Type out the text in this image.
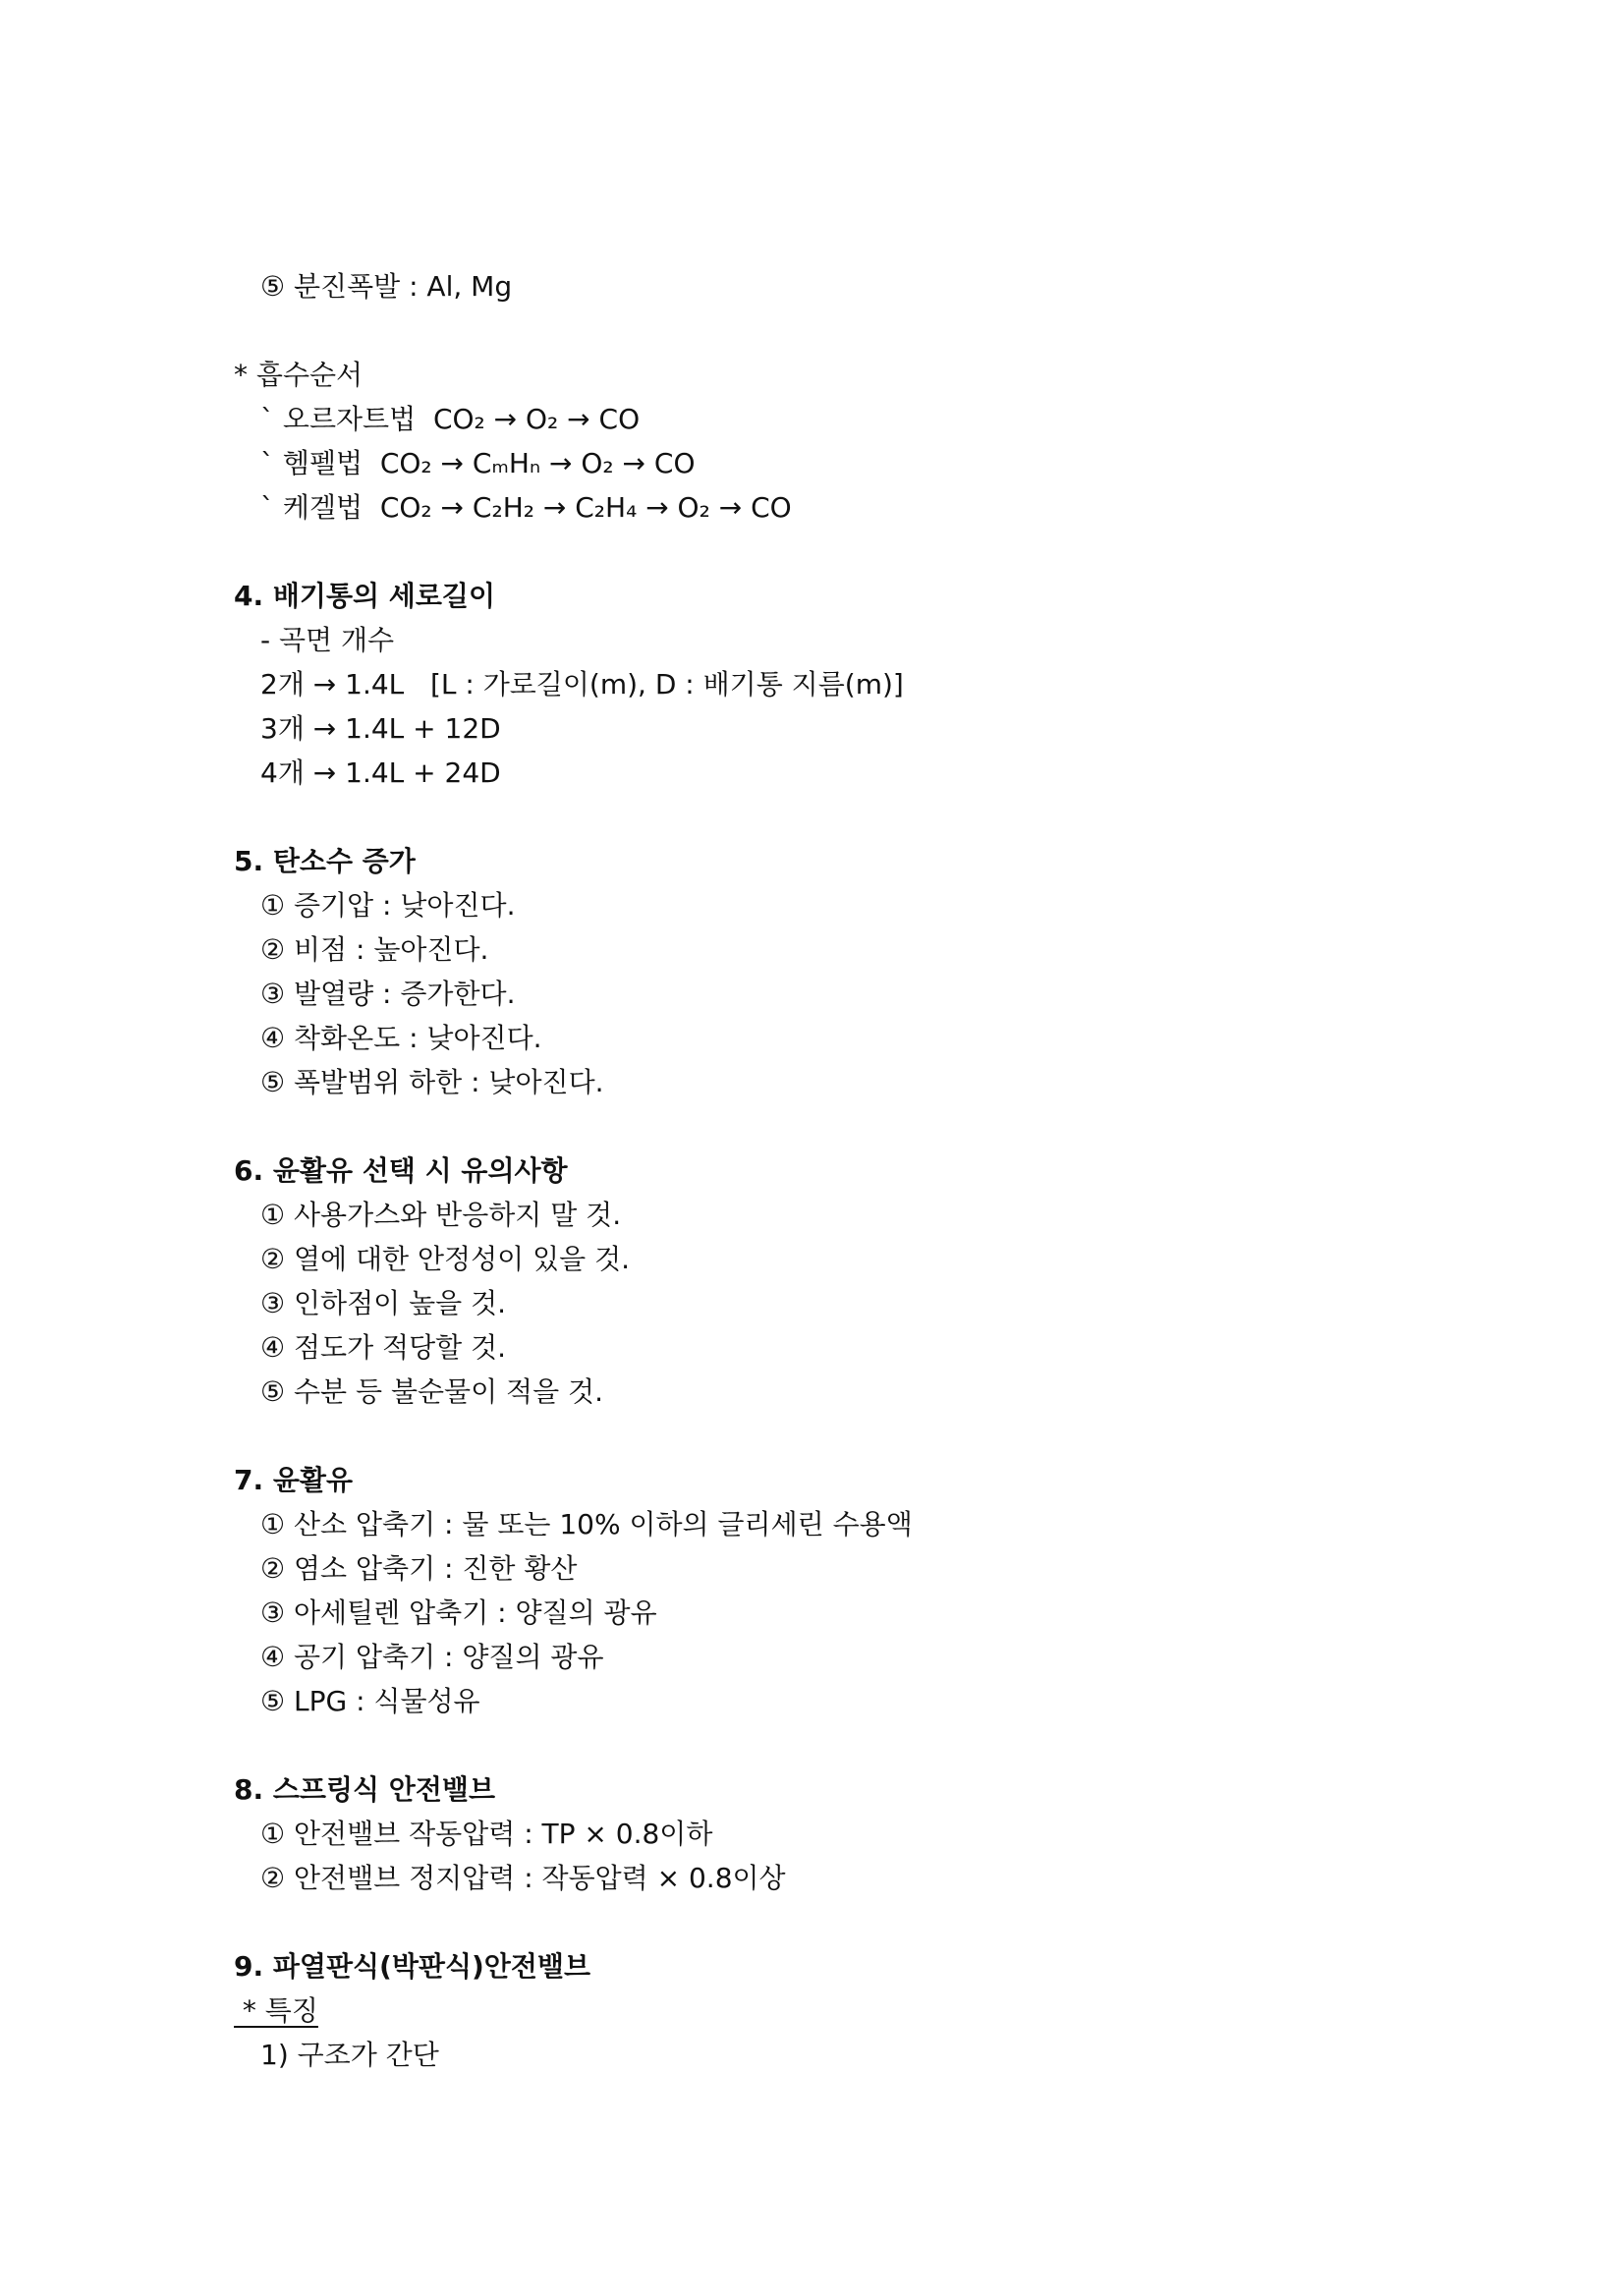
⑤ 분진폭발 : Al, Mg
* 흡수순서
` 오르자트법  CO₂ → O₂ → CO
` 헴펠법  CO₂ → CₘHₙ → O₂ → CO
` 케겔법  CO₂ → C₂H₂ → C₂H₄ → O₂ → CO
4. 배기통의 세로길이
- 곡면 개수
2개 → 1.4L   [L : 가로길이(m), D : 배기통 지름(m)]
3개 → 1.4L + 12D
4개 → 1.4L + 24D
5. 탄소수 증가
① 증기압 : 낮아진다.
② 비점 : 높아진다.
③ 발열량 : 증가한다.
④ 착화온도 : 낮아진다.
⑤ 폭발범위 하한 : 낮아진다.
6. 윤활유 선택 시 유의사항
① 사용가스와 반응하지 말 것.
② 열에 대한 안정성이 있을 것.
③ 인하점이 높을 것.
④ 점도가 적당할 것.
⑤ 수분 등 불순물이 적을 것.
7. 윤활유
① 산소 압축기 : 물 또는 10% 이하의 글리세린 수용액
② 염소 압축기 : 진한 황산
③ 아세틸렌 압축기 : 양질의 광유
④ 공기 압축기 : 양질의 광유
⑤ LPG : 식물성유
8. 스프링식 안전밸브
① 안전밸브 작동압력 : TP × 0.8이하
② 안전밸브 정지압력 : 작동압력 × 0.8이상
9. 파열판식(박판식)안전밸브
* 특징
1) 구조가 간단
